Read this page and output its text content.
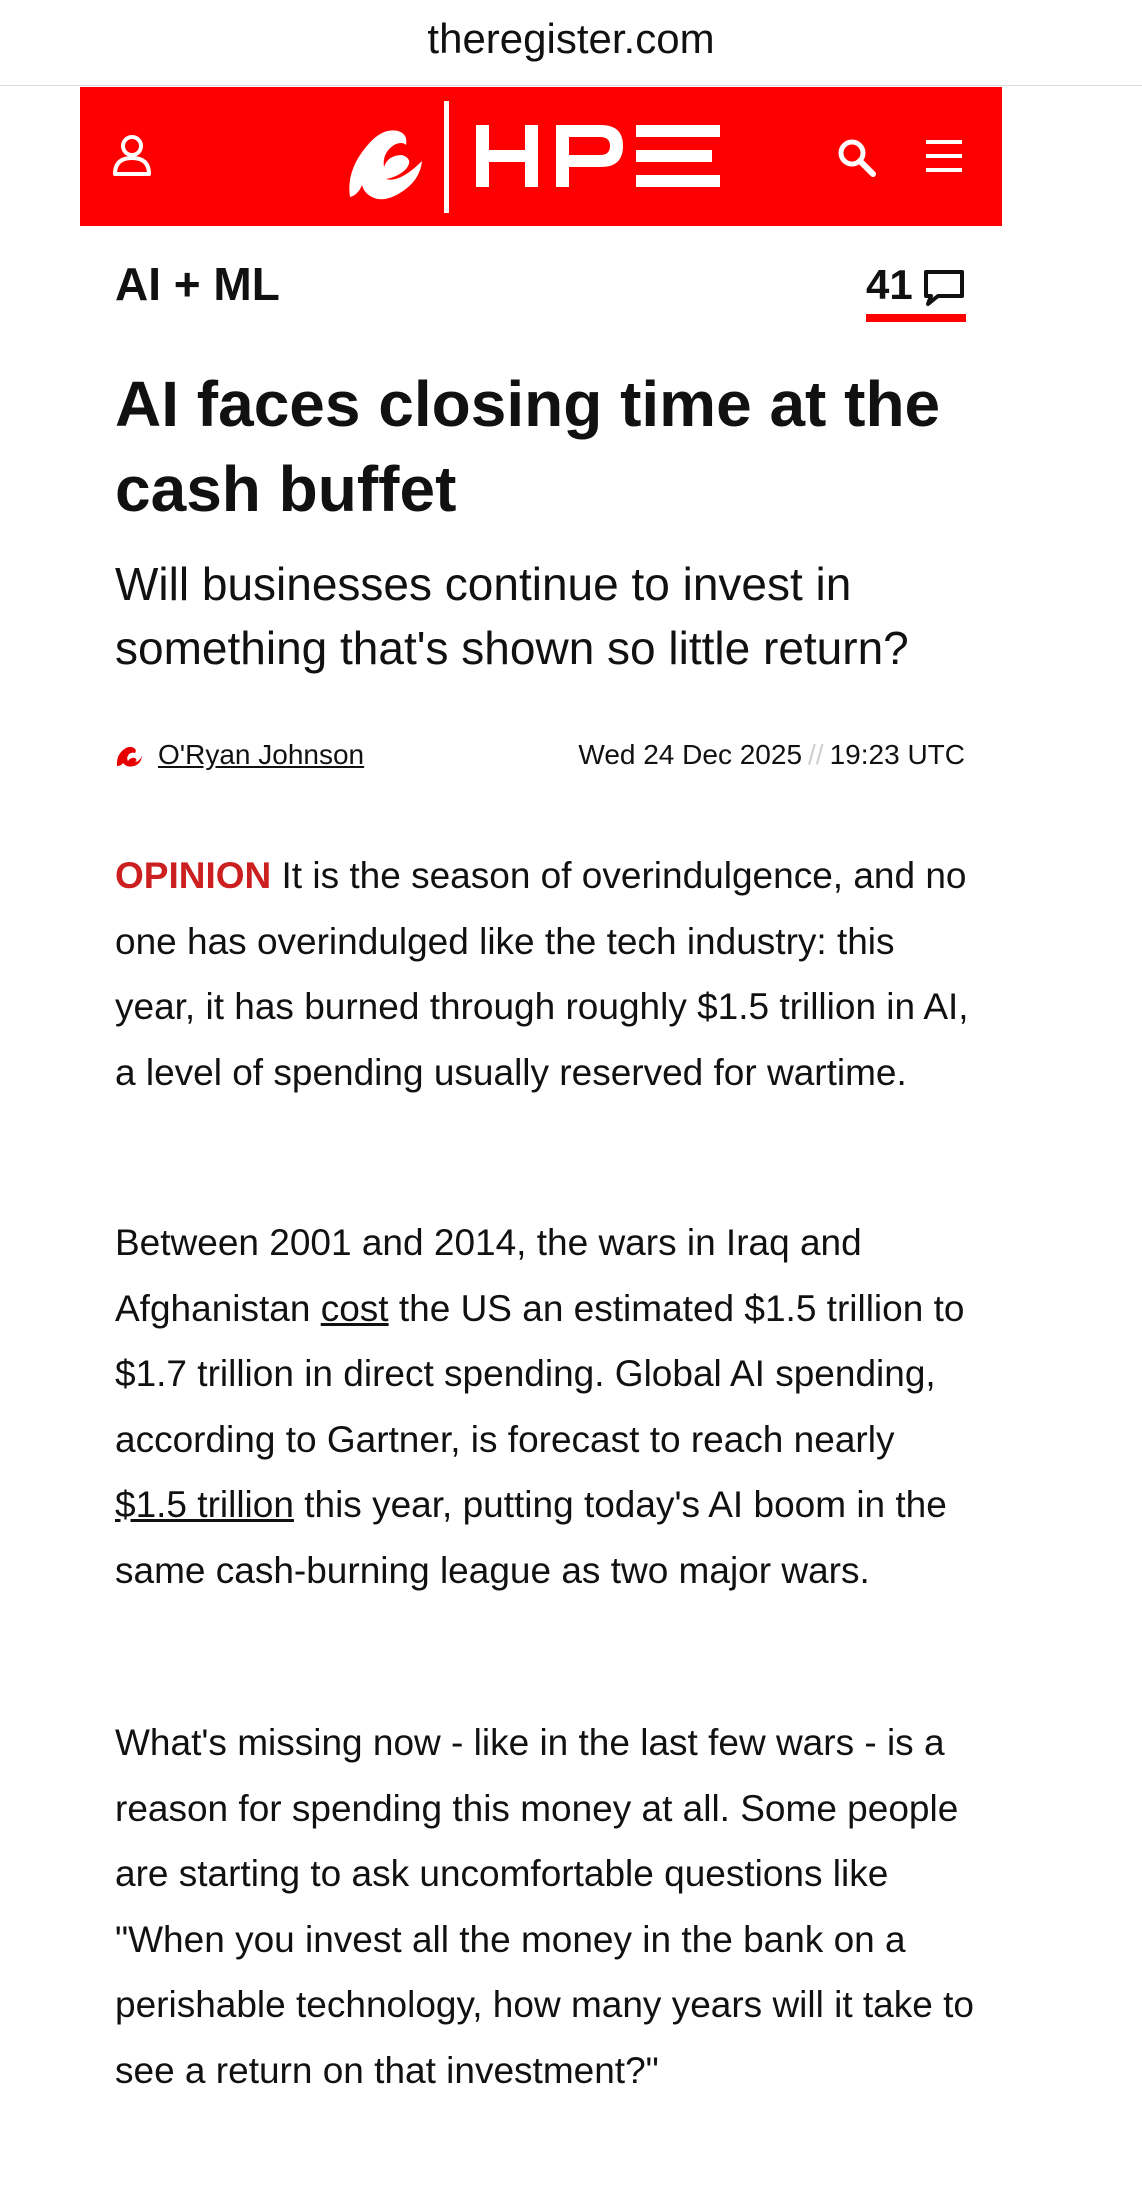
theregister.com
AI + ML	41
AI faces closing time at the cash buffet
Will businesses continue to invest in something that's shown so little return?
O'Ryan Johnson	Wed 24 Dec 2025 // 19:23 UTC

OPINION It is the season of overindulgence, and no one has overindulged like the tech industry: this year, it has burned through roughly $1.5 trillion in AI, a level of spending usually reserved for wartime.

Between 2001 and 2014, the wars in Iraq and Afghanistan cost the US an estimated $1.5 trillion to $1.7 trillion in direct spending. Global AI spending, according to Gartner, is forecast to reach nearly $1.5 trillion this year, putting today's AI boom in the same cash-burning league as two major wars.

What's missing now - like in the last few wars - is a reason for spending this money at all. Some people are starting to ask uncomfortable questions like "When you invest all the money in the bank on a perishable technology, how many years will it take to see a return on that investment?"
